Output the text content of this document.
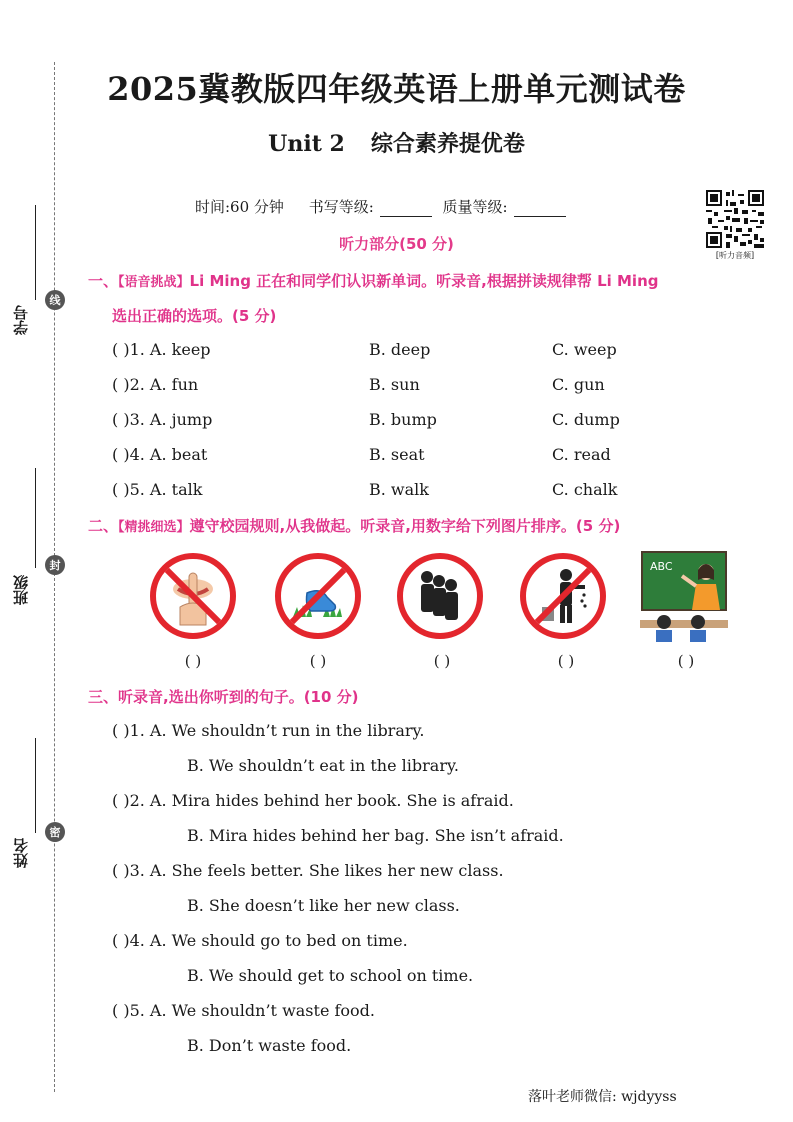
学号
线
班级
封
姓名
密
2025冀教版四年级英语上册单元测试卷
Unit 2 综合素养提优卷
时间:60 分钟 书写等级:	质量等级:
[听力音频]
听力部分(50 分)
一、【语音挑战】Li Ming 正在和同学们认识新单词。听录音,根据拼读规律帮 Li Ming
选出正确的选项。(5 分)
( )1. A. keep	B. deep	C. weep
( )2. A. fun	B. sun	C. gun
( )3. A. jump	B. bump	C. dump
( )4. A. beat	B. seat	C. read
( )5. A. talk	B. walk	C. chalk
二、【精挑细选】遵守校园规则,从我做起。听录音,用数字给下列图片排序。(5 分)
ABC
( )	( )	( )	( )	( )
三、听录音,选出你听到的句子。(10 分)
( )1. A. We shouldn’t run in the library.
B. We shouldn’t eat in the library.
( )2. A. Mira hides behind her book. She is afraid.
B. Mira hides behind her bag. She isn’t afraid.
( )3. A. She feels better. She likes her new class.
B. She doesn’t like her new class.
( )4. A. We should go to bed on time.
B. We should get to school on time.
( )5. A. We shouldn’t waste food.
B. Don’t waste food.
落叶老师微信: wjdyyss
